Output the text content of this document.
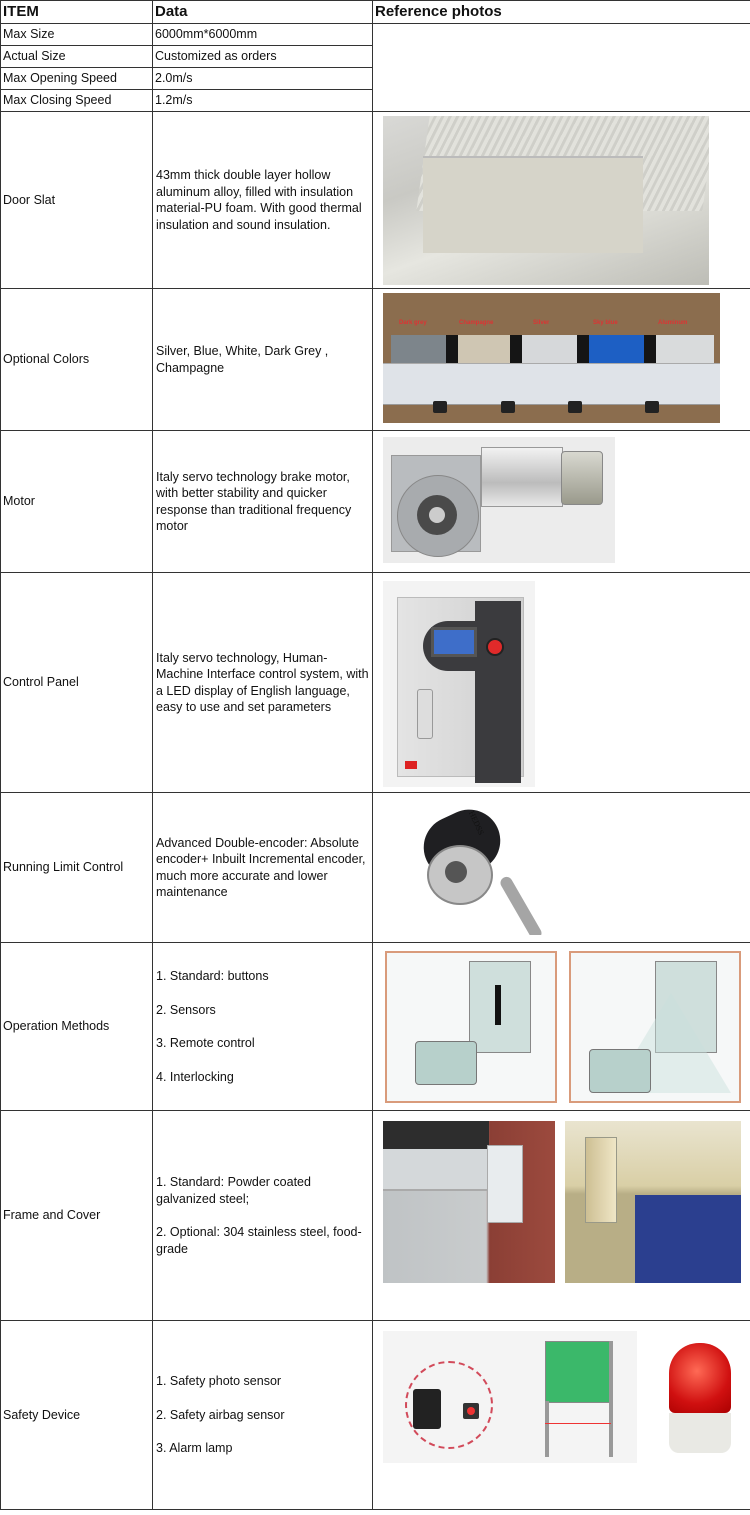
ITEM	Data	Reference photos
Max Size	6000mm*6000mm	
Actual Size	Customized as orders	
Max Opening Speed	2.0m/s	
Max Closing Speed	1.2m/s	
Door Slat	43mm thick double layer hollow aluminum alloy, filled with insulation material-PU foam. With good thermal insulation and sound insulation.	

Optional Colors	Silver, Blue, White, Dark Grey , Champagne	Dark grey Champagne Silver Sky blue Aluminum

Motor	Italy servo technology brake motor, with better stability and quicker response than traditional frequency motor	

Control Panel	Italy servo technology, Human-Machine Interface control system, with a LED display of English language, easy to use and set parameters	

Running Limit Control	Advanced Double-encoder: Absolute encoder+ Inbuilt Incremental encoder, much more accurate and lower maintenance	HEDSS

Operation Methods	1. Standard: buttons

2. Sensors

3. Remote control

4. Interlocking	

Frame and Cover	1. Standard: Powder coated galvanized steel;

2. Optional: 304 stainless steel, food-grade	

Safety Device	1. Safety photo sensor

2. Safety airbag sensor

3. Alarm lamp	
